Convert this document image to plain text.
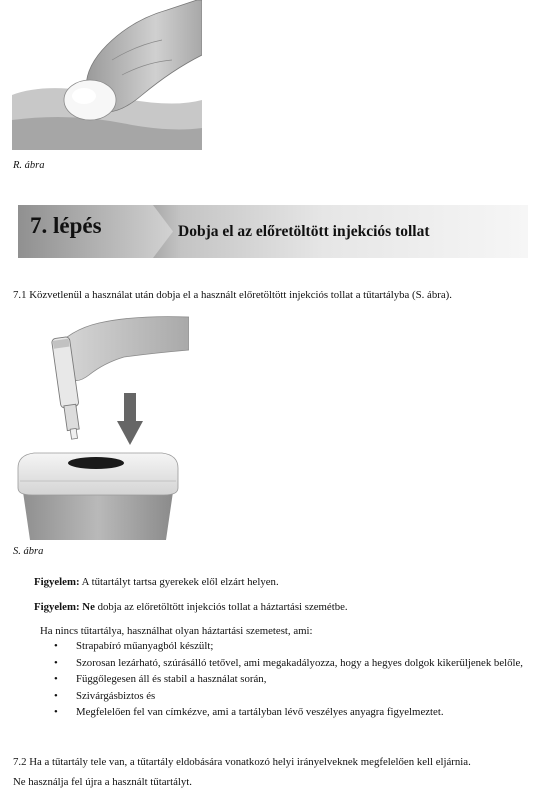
R. ábra
7. lépés	Dobja el az előretöltött injekciós tollat
7.1 Közvetlenül a használat után dobja el a használt előretöltött injekciós tollat a tűtartályba (S. ábra).
S. ábra
Figyelem: A tűtartályt tartsa gyerekek elől elzárt helyen.
Figyelem: Ne dobja az előretöltött injekciós tollat a háztartási szemétbe.
Ha nincs tűtartálya, használhat olyan háztartási szemetest, ami:
• Strapabíró műanyagból készült;
• Szorosan lezárható, szúrásálló tetővel, ami megakadályozza, hogy a hegyes dolgok kikerüljenek belőle,
• Függőlegesen áll és stabil a használat során,
• Szivárgásbiztos és
• Megfelelően fel van címkézve, ami a tartályban lévő veszélyes anyagra figyelmeztet.
7.2 Ha a tűtartály tele van, a tűtartály eldobására vonatkozó helyi irányelveknek megfelelően kell eljárnia.
Ne használja fel újra a használt tűtartályt.
